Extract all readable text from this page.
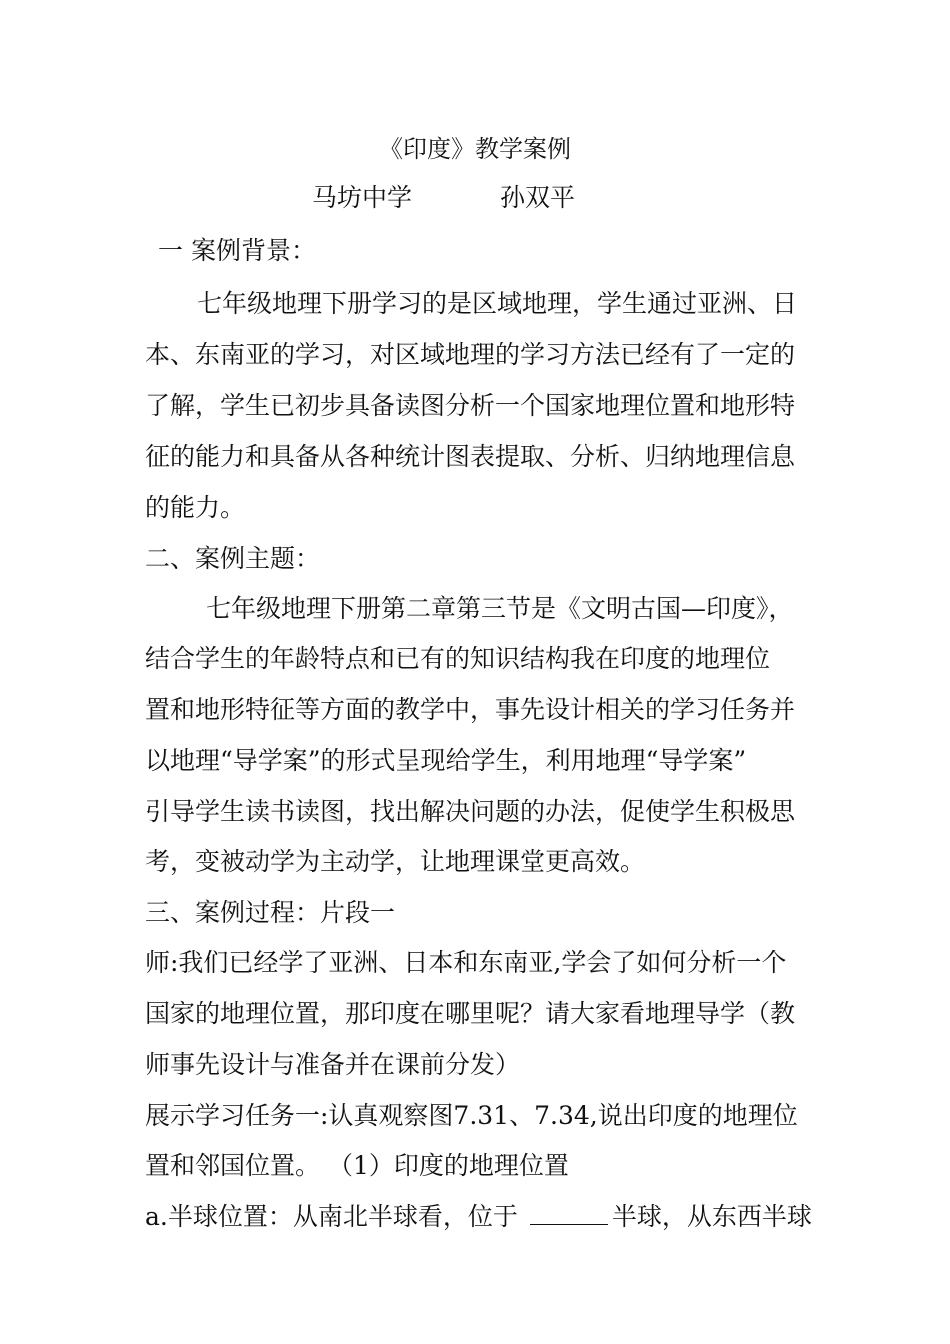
《印度》教学案例
马坊中学	孙双平
一 案例背景：
七年级地理下册学习的是区域地理，学生通过亚洲、日
本、东南亚的学习，对区域地理的学习方法已经有了一定的
了解，学生已初步具备读图分析一个国家地理位置和地形特
征的能力和具备从各种统计图表提取、分析、归纳地理信息
的能力。
二、案例主题：
七年级地理下册第二章第三节是《文明古国—印度》，
结合学生的年龄特点和已有的知识结构我在印度的地理位
置和地形特征等方面的教学中，事先设计相关的学习任务并
以地理“导学案”的形式呈现给学生，利用地理“导学案”
引导学生读书读图，找出解决问题的办法，促使学生积极思
考，变被动学为主动学，让地理课堂更高效。
三、案例过程：片段一
师:我们已经学了亚洲、日本和东南亚,学会了如何分析一个
国家的地理位置，那印度在哪里呢？请大家看地理导学（教
师事先设计与准备并在课前分发）
展示学习任务一:认真观察图7.31、7.34,说出印度的地理位
置和邻国位置。 （1）印度的地理位置
a.半球位置：从南北半球看，位于	半球，从东西半球
